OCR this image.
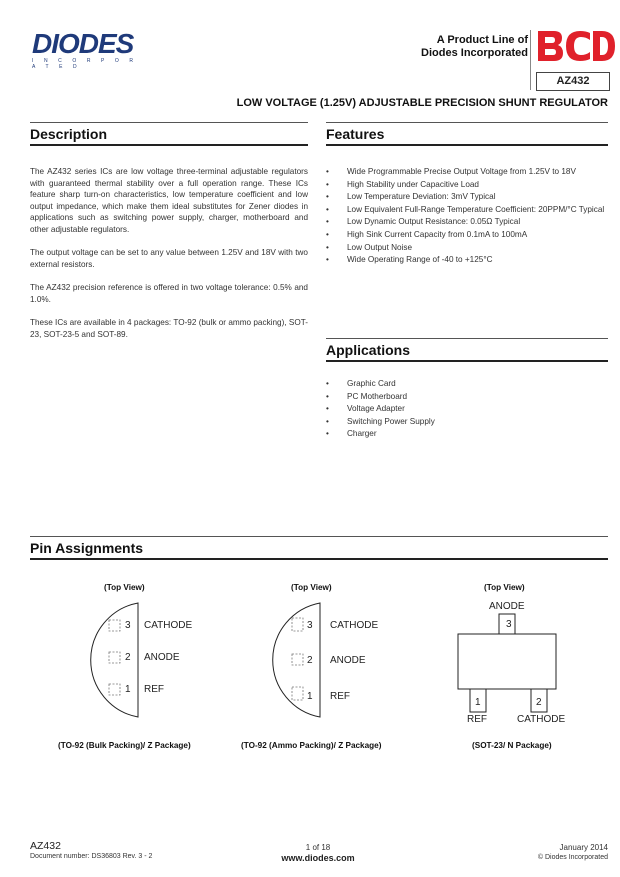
DIODES
I N C O R P O R A T E D
A Product Line of
Diodes Incorporated
AZ432
LOW VOLTAGE (1.25V) ADJUSTABLE PRECISION SHUNT REGULATOR
Description
The AZ432 series ICs are low voltage three-terminal adjustable regulators with guaranteed thermal stability over a full operation range. These ICs feature sharp turn-on characteristics, low temperature coefficient and low output impedance, which make them ideal substitutes for Zener diodes in applications such as switching power supply, charger, motherboard and other adjustable regulators.
The output voltage can be set to any value between 1.25V and 18V with two external resistors.
The AZ432 precision reference is offered in two voltage tolerance: 0.5% and 1.0%.
These ICs are available in 4 packages: TO-92 (bulk or ammo packing), SOT-23, SOT-23-5 and SOT-89.
Features
• Wide Programmable Precise Output Voltage from 1.25V to 18V
• High Stability under Capacitive Load
• Low Temperature Deviation: 3mV Typical
• Low Equivalent Full-Range Temperature Coefficient: 20PPM/°C Typical
• Low Dynamic Output Resistance: 0.05Ω Typical
• High Sink Current Capacity from 0.1mA to 100mA
• Low Output Noise
• Wide Operating Range of -40 to +125°C
Applications
• Graphic Card
• PC Motherboard
• Voltage Adapter
• Switching Power Supply
• Charger
Pin Assignments
(Top View)
3 CATHODE
2 ANODE
1 REF
(TO-92 (Bulk Packing)/ Z Package)
(Top View)
3 CATHODE
2 ANODE
1 REF
(TO-92 (Ammo Packing)/ Z Package)
(Top View)
ANODE
3
1	2
REF	CATHODE
(SOT-23/ N Package)
AZ432
Document number: DS36803 Rev. 3 - 2
1 of 18
www.diodes.com
January 2014
© Diodes Incorporated
